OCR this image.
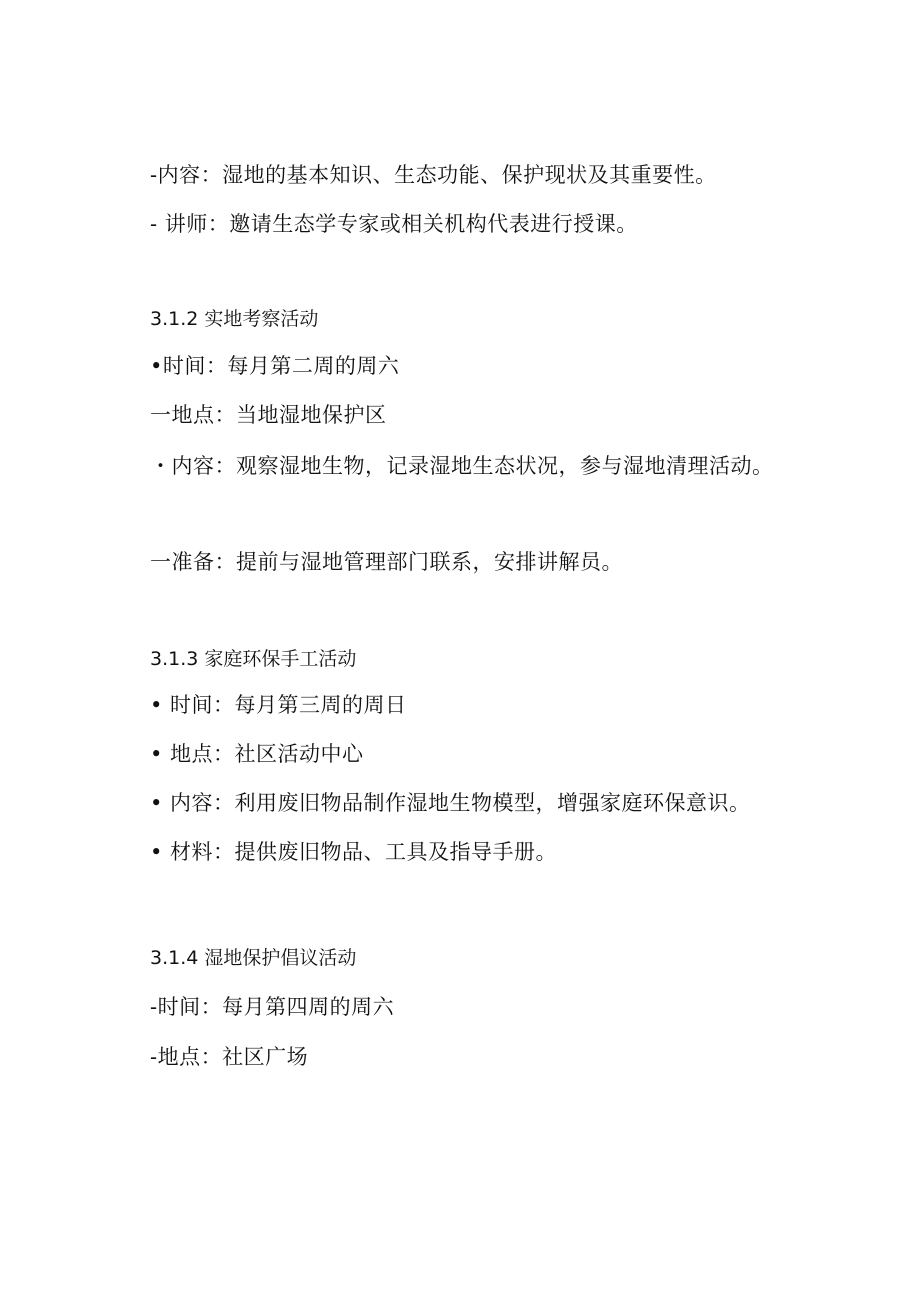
-内容：湿地的基本知识、生态功能、保护现状及其重要性。
- 讲师：邀请生态学专家或相关机构代表进行授课。
3.1.2 实地考察活动
•时间：每月第二周的周六
一地点：当地湿地保护区
・内容：观察湿地生物，记录湿地生态状况，参与湿地清理活动。
一准备：提前与湿地管理部门联系，安排讲解员。
3.1.3 家庭环保手工活动
• 时间：每月第三周的周日
• 地点：社区活动中心
• 内容：利用废旧物品制作湿地生物模型，增强家庭环保意识。
• 材料：提供废旧物品、工具及指导手册。
3.1.4 湿地保护倡议活动
-时间：每月第四周的周六
-地点：社区广场
